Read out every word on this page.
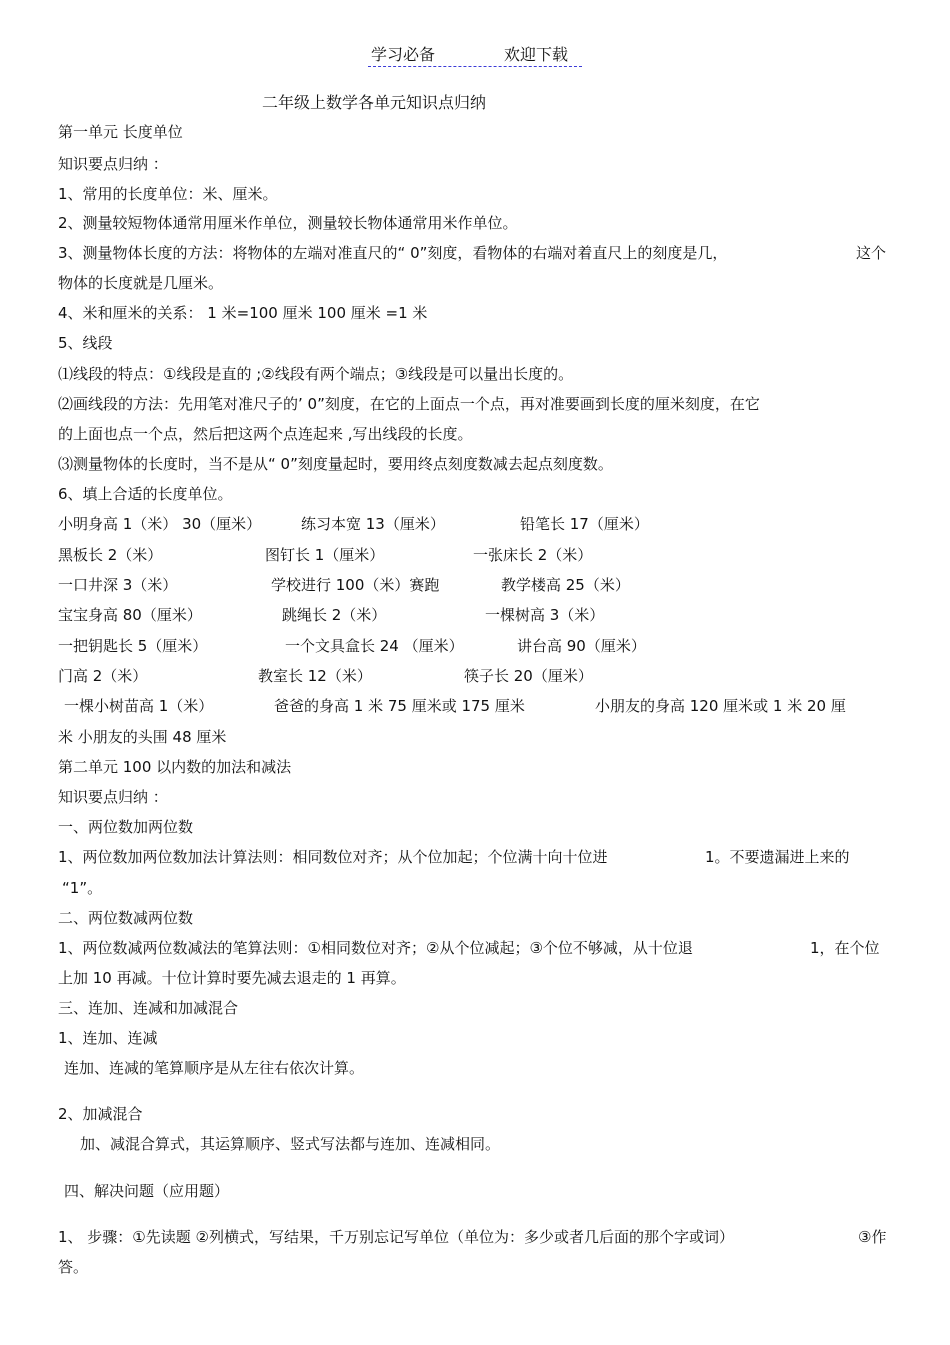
学习必备	欢迎下载
二年级上数学各单元知识点归纳
第一单元 长度单位
知识要点归纳 ：
1、常用的长度单位：米、厘米。
2、测量较短物体通常用厘米作单位，测量较长物体通常用米作单位。
3、测量物体长度的方法：将物体的左端对准直尺的“ 0”刻度，看物体的右端对着直尺上的刻度是几，	这个
物体的长度就是几厘米。
4、米和厘米的关系： 1 米=100 厘米 100 厘米 =1 米
5、线段
⑴线段的特点：①线段是直的 ;②线段有两个端点；③线段是可以量出长度的。
⑵画线段的方法：先用笔对准尺子的’ 0”刻度，在它的上面点一个点，再对准要画到长度的厘米刻度，在它
的上面也点一个点，然后把这两个点连起来 ,写出线段的长度。
⑶测量物体的长度时，当不是从“ 0”刻度量起时，要用终点刻度数减去起点刻度数。
6、填上合适的长度单位。
小明身高 1（米） 30（厘米）	练习本宽 13（厘米）	铅笔长 17（厘米）
黑板长 2（米）	图钉长 1（厘米）	一张床长 2（米）
一口井深 3（米）	学校进行 100（米）赛跑	教学楼高 25（米）
宝宝身高 80（厘米）	跳绳长 2（米）	一棵树高 3（米）
一把钥匙长 5（厘米）	一个文具盒长 24 （厘米）	讲台高 90（厘米）
门高 2（米）	教室长 12（米）	筷子长 20（厘米）
一棵小树苗高 1（米）	爸爸的身高 1 米 75 厘米或 175 厘米	小朋友的身高 120 厘米或 1 米 20 厘
米 小朋友的头围 48 厘米
第二单元 100 以内数的加法和减法
知识要点归纳 ：
一、两位数加两位数
1、两位数加两位数加法计算法则：相同数位对齐；从个位加起；个位满十向十位进	1。不要遗漏进上来的
“1”。
二、两位数减两位数
1、两位数减两位数减法的笔算法则：①相同数位对齐；②从个位减起；③个位不够减，从十位退	1，在个位
上加 10 再减。十位计算时要先减去退走的 1 再算。
三、连加、连减和加减混合
1、连加、连减
连加、连减的笔算顺序是从左往右依次计算。
2、加减混合
加、减混合算式，其运算顺序、竖式写法都与连加、连减相同。
四、解决问题（应用题）
1、 步骤：①先读题 ②列横式，写结果，千万别忘记写单位（单位为：多少或者几后面的那个字或词）	③作
答。
